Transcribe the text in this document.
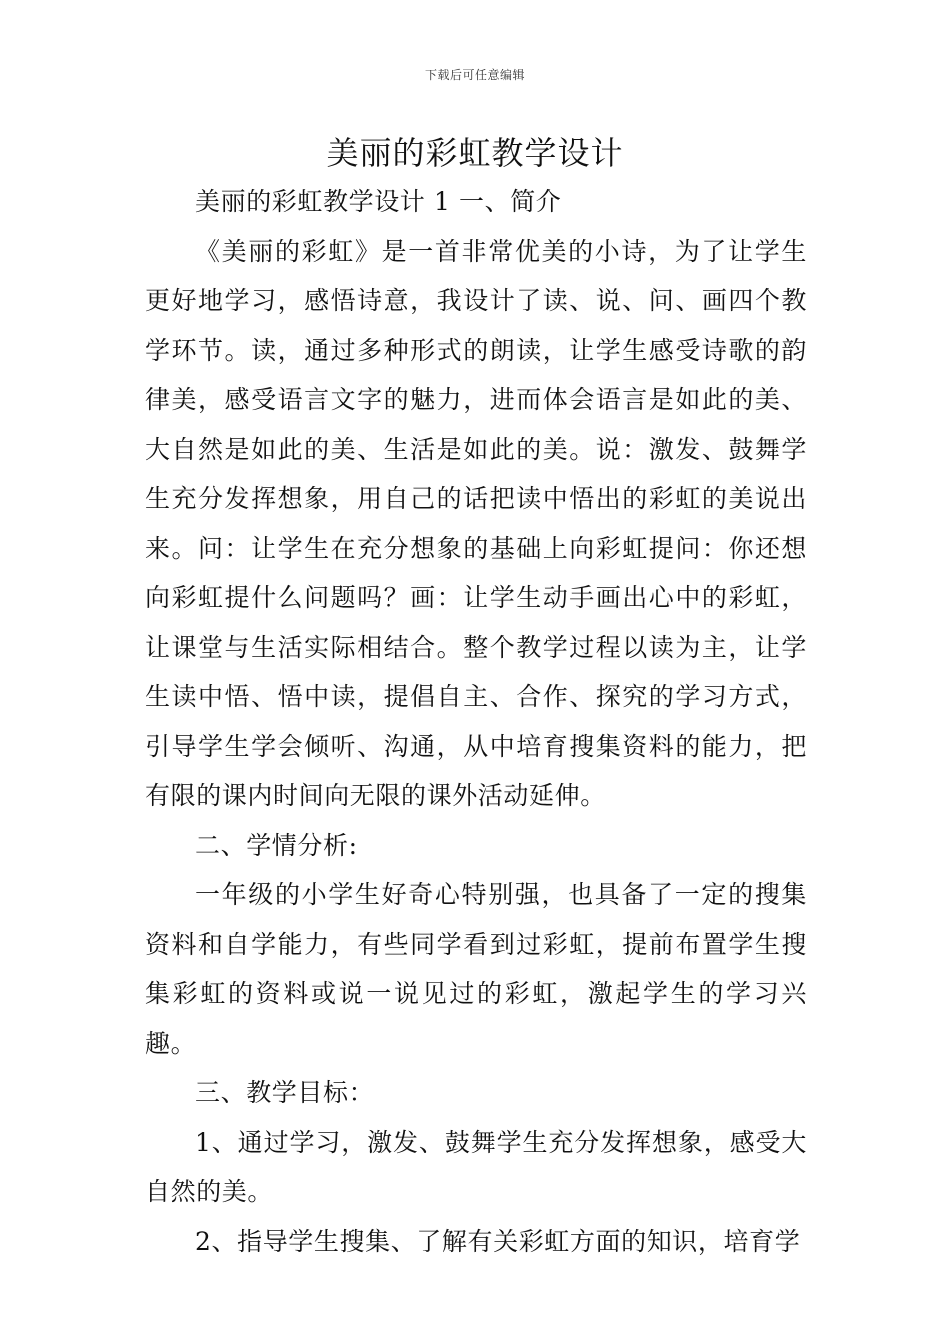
下载后可任意编辑
美丽的彩虹教学设计

美丽的彩虹教学设计 1 一、简介

《美丽的彩虹》是一首非常优美的小诗，为了让学生更好地学习，感悟诗意，我设计了读、说、问、画四个教学环节。读，通过多种形式的朗读，让学生感受诗歌的韵律美，感受语言文字的魅力，进而体会语言是如此的美、大自然是如此的美、生活是如此的美。说：激发、鼓舞学生充分发挥想象，用自己的话把读中悟出的彩虹的美说出来。问：让学生在充分想象的基础上向彩虹提问：你还想向彩虹提什么问题吗？画：让学生动手画出心中的彩虹，让课堂与生活实际相结合。整个教学过程以读为主，让学生读中悟、悟中读，提倡自主、合作、探究的学习方式，引导学生学会倾听、沟通，从中培育搜集资料的能力，把有限的课内时间向无限的课外活动延伸。

二、学情分析:

一年级的小学生好奇心特别强，也具备了一定的搜集资料和自学能力，有些同学看到过彩虹，提前布置学生搜集彩虹的资料或说一说见过的彩虹，激起学生的学习兴趣。

三、教学目标：

1、通过学习，激发、鼓舞学生充分发挥想象，感受大自然的美。

2、指导学生搜集、了解有关彩虹方面的知识，培育学
